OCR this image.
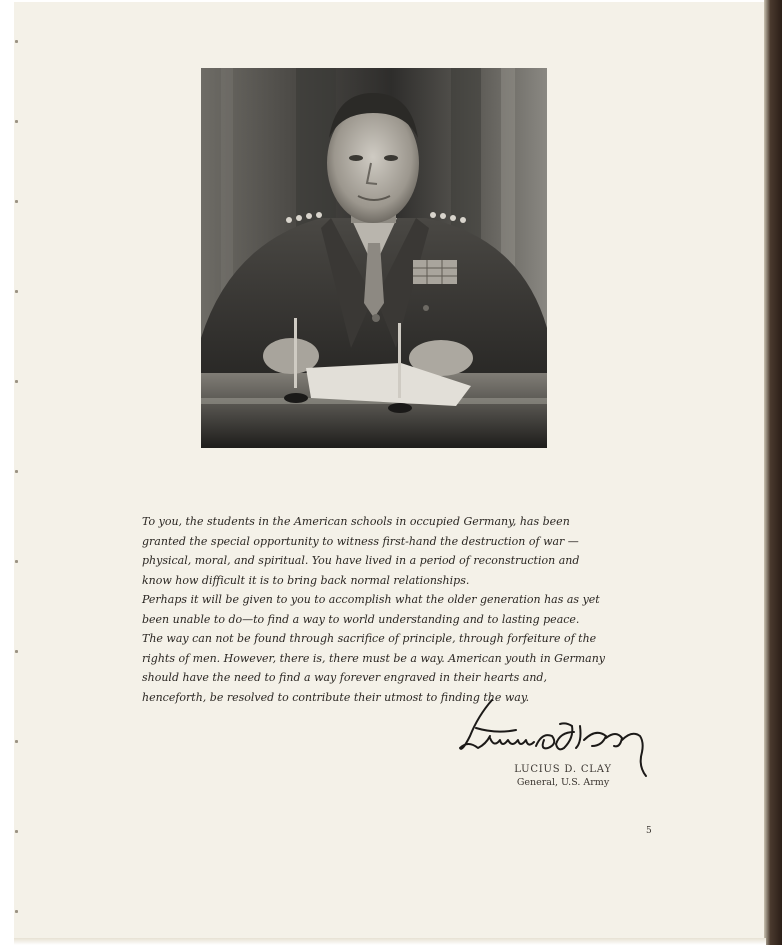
To you, the students in the American schools in occupied Germany, has been granted the special opportunity to witness first-hand the destruction of war — physical, moral, and spiritual. You have lived in a period of reconstruction and know how difficult it is to bring back normal relationships.

Perhaps it will be given to you to accomplish what the older generation has as yet been unable to do—to find a way to world understanding and to lasting peace.

The way can not be found through sacrifice of principle, through forfeiture of the rights of men. However, there is, there must be a way. American youth in Germany should have the need to find a way forever engraved in their hearts and, henceforth, be resolved to contribute their utmost to finding the way.

LUCIUS D. CLAY
General, U.S. Army
5
